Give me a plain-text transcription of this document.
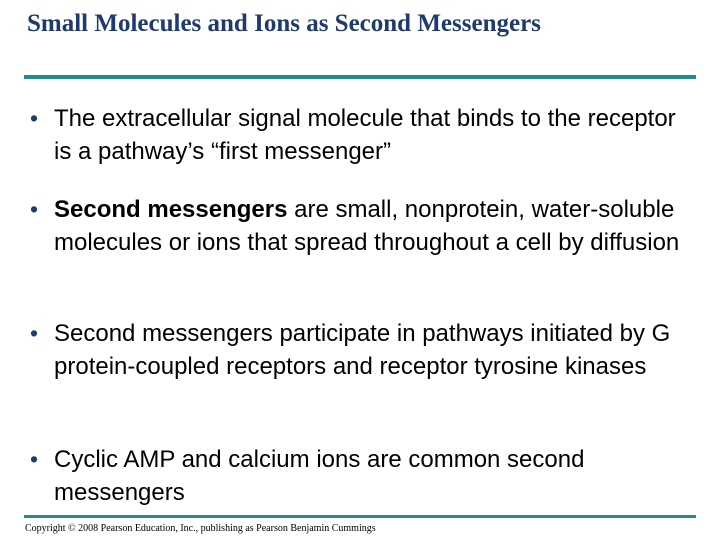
Small Molecules and Ions as Second Messengers
• The extracellular signal molecule that binds to the receptor is a pathway’s “first messenger”
• Second messengers are small, nonprotein, water-soluble molecules or ions that spread throughout a cell by diffusion
• Second messengers participate in pathways initiated by G protein-coupled receptors and receptor tyrosine kinases
• Cyclic AMP and calcium ions are common second messengers
Copyright © 2008 Pearson Education, Inc., publishing as Pearson Benjamin Cummings
